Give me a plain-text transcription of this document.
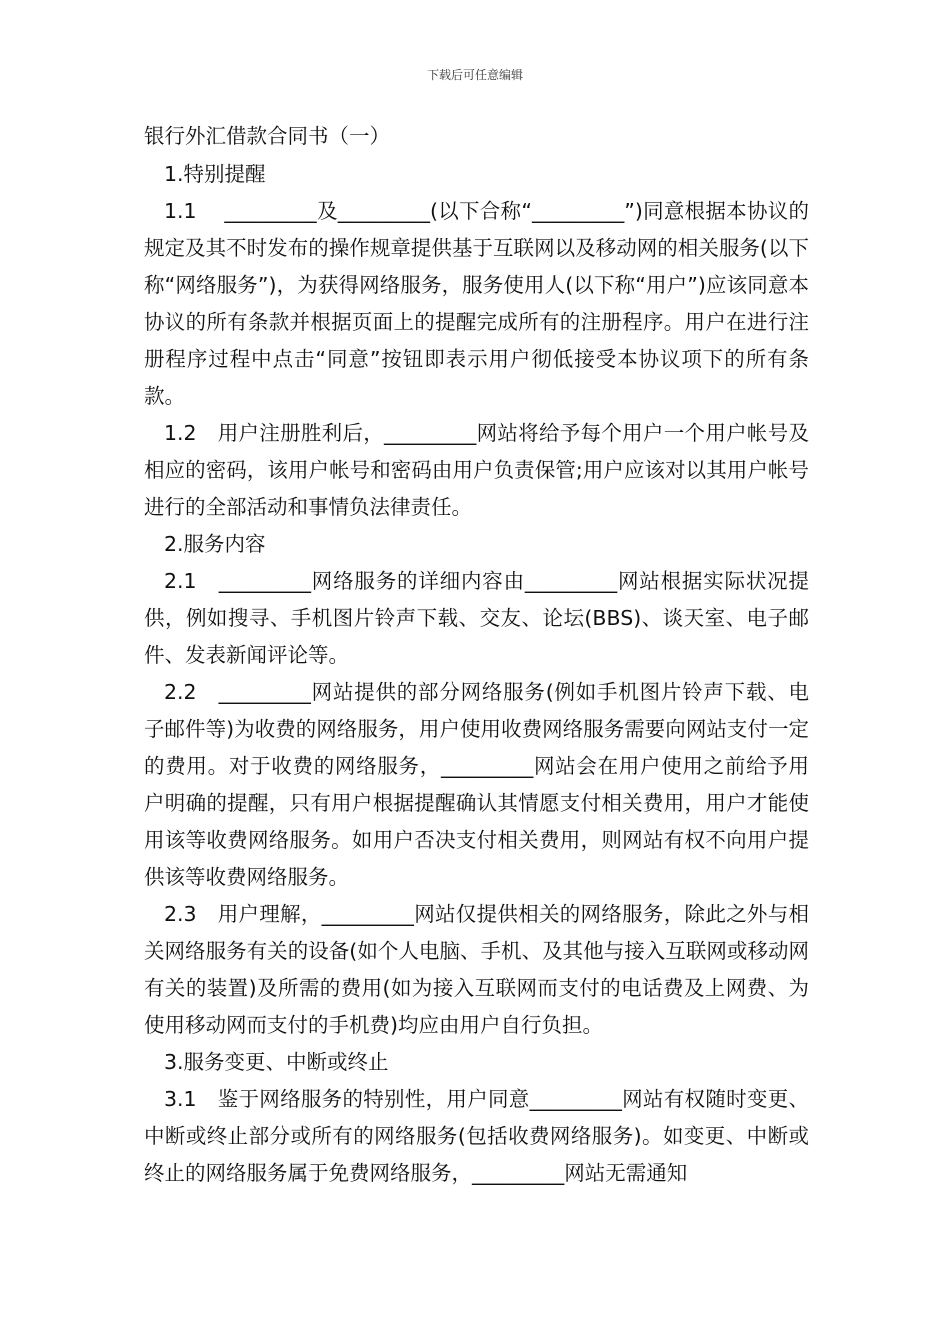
下载后可任意编辑
银行外汇借款合同书（一）
1.特别提醒
1.1　 _________及_________(以下合称“_________”)同意根据本协议的规定及其不时发布的操作规章提供基于互联网以及移动网的相关服务(以下称“网络服务”)，为获得网络服务，服务使用人(以下称“用户”)应该同意本协议的所有条款并根据页面上的提醒完成所有的注册程序。用户在进行注册程序过程中点击“同意”按钮即表示用户彻低接受本协议项下的所有条款。
1.2　用户注册胜利后，_________网站将给予每个用户一个用户帐号及相应的密码，该用户帐号和密码由用户负责保管;用户应该对以其用户帐号进行的全部活动和事情负法律责任。
2.服务内容
2.1　_________网络服务的详细内容由_________网站根据实际状况提供，例如搜寻、手机图片铃声下载、交友、论坛(BBS)、谈天室、电子邮件、发表新闻评论等。
2.2　_________网站提供的部分网络服务(例如手机图片铃声下载、电子邮件等)为收费的网络服务，用户使用收费网络服务需要向网站支付一定的费用。对于收费的网络服务，_________网站会在用户使用之前给予用户明确的提醒，只有用户根据提醒确认其情愿支付相关费用，用户才能使用该等收费网络服务。如用户否决支付相关费用，则网站有权不向用户提供该等收费网络服务。
2.3　用户理解，_________网站仅提供相关的网络服务，除此之外与相关网络服务有关的设备(如个人电脑、手机、及其他与接入互联网或移动网有关的装置)及所需的费用(如为接入互联网而支付的电话费及上网费、为使用移动网而支付的手机费)均应由用户自行负担。
3.服务变更、中断或终止
3.1　鉴于网络服务的特别性，用户同意_________网站有权随时变更、中断或终止部分或所有的网络服务(包括收费网络服务)。如变更、中断或终止的网络服务属于免费网络服务，_________网站无需通知
